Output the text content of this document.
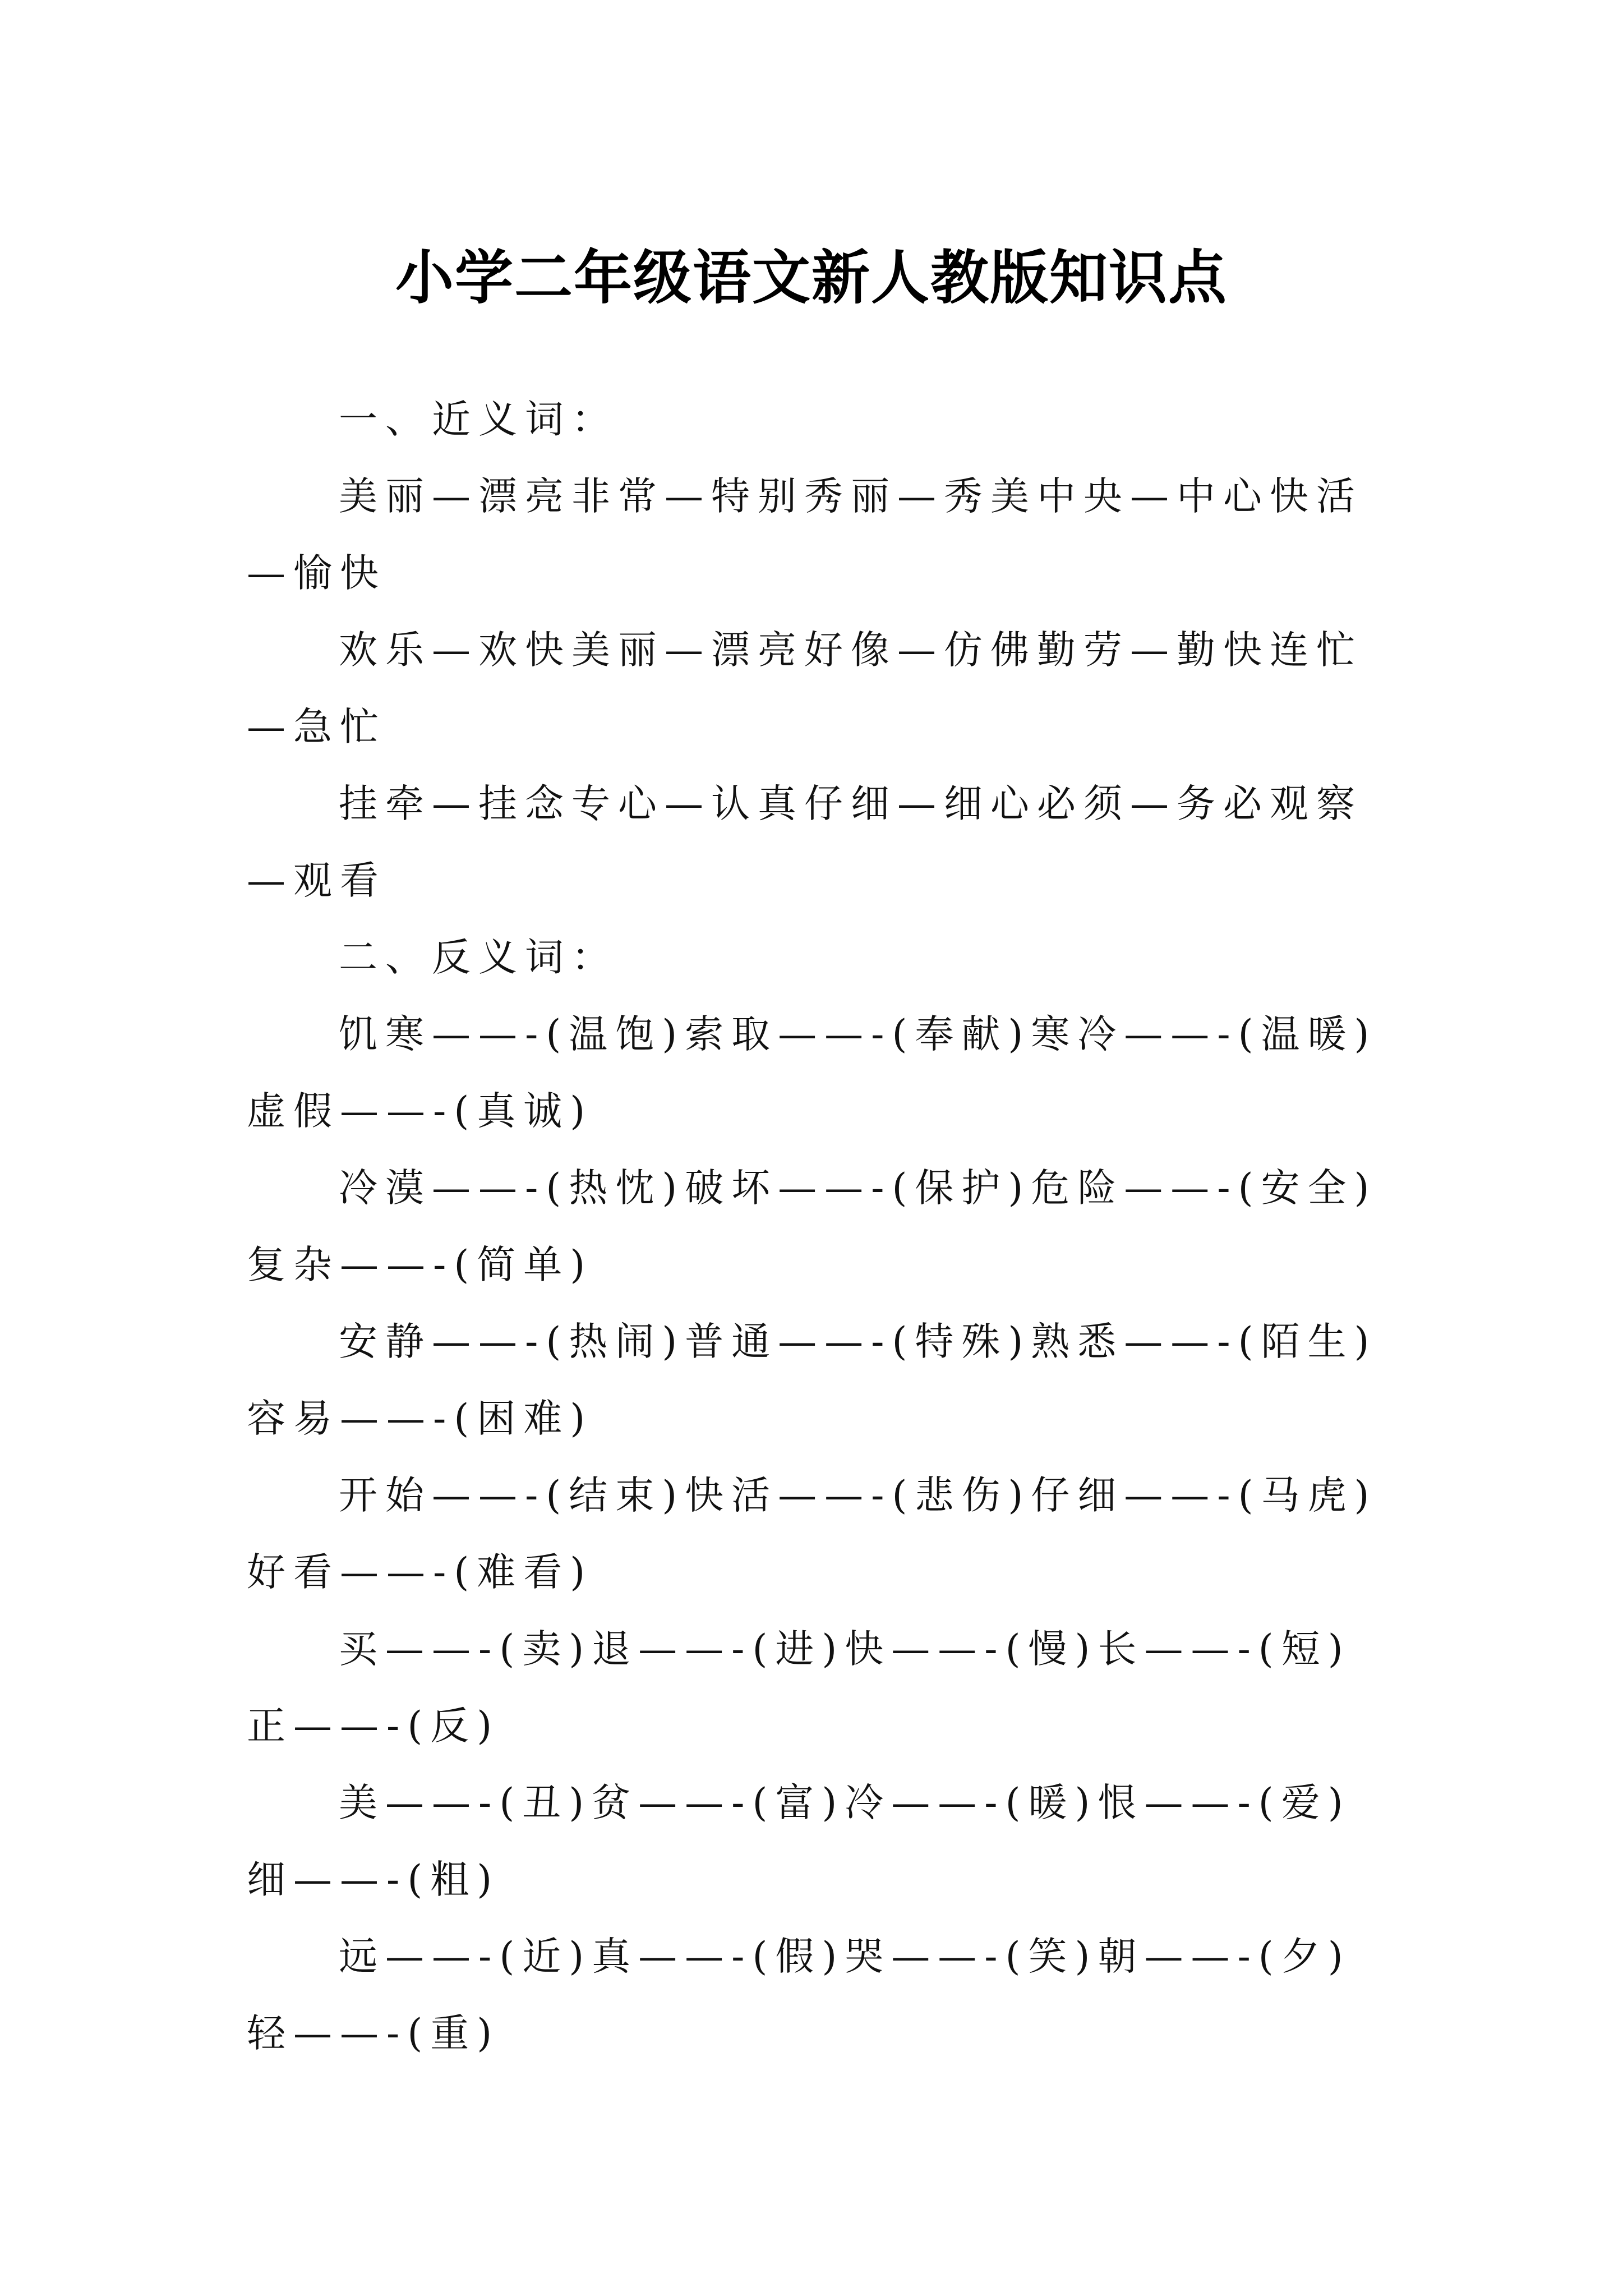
小学二年级语文新人教版知识点

一、近义词：

美丽—漂亮非常—特别秀丽—秀美中央—中心快活—愉快

欢乐—欢快美丽—漂亮好像—仿佛勤劳—勤快连忙—急忙

挂牵—挂念专心—认真仔细—细心必须—务必观察—观看

二、反义词：

饥寒——-(温饱)索取——-(奉献)寒冷——-(温暖)虚假——-(真诚)

冷漠——-(热忱)破坏——-(保护)危险——-(安全)复杂——-(简单)

安静——-(热闹)普通——-(特殊)熟悉——-(陌生)容易——-(困难)

开始——-(结束)快活——-(悲伤)仔细——-(马虎)好看——-(难看)

买——-(卖)退——-(进)快——-(慢)长——-(短)正——-(反)

美——-(丑)贫——-(富)冷——-(暖)恨——-(爱)细——-(粗)

远——-(近)真——-(假)哭——-(笑)朝——-(夕)轻——-(重)
